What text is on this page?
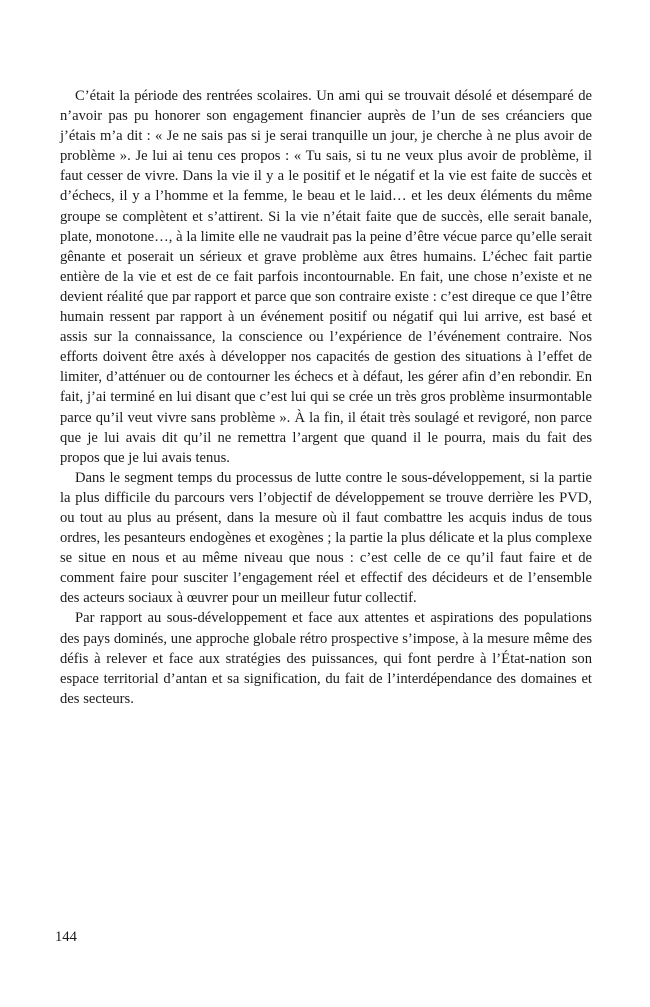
C’était la période des rentrées scolaires. Un ami qui se trouvait désolé et désemparé de n’avoir pas pu honorer son engagement financier auprès de l’un de ses créanciers que j’étais m’a dit : « Je ne sais pas si je serai tranquille un jour, je cherche à ne plus avoir de problème ». Je lui ai tenu ces propos : « Tu sais, si tu ne veux plus avoir de problème, il faut cesser de vivre. Dans la vie il y a le positif et le négatif et la vie est faite de succès et d’échecs, il y a l’homme et la femme, le beau et le laid… et les deux éléments du même groupe se complètent et s’attirent. Si la vie n’était faite que de succès, elle serait banale, plate, monotone…, à la limite elle ne vaudrait pas la peine d’être vécue parce qu’elle serait gênante et poserait un sérieux et grave problème aux êtres humains. L’échec fait partie entière de la vie et est de ce fait parfois incontournable. En fait, une chose n’existe et ne devient réalité que par rapport et parce que son contraire existe : c’est direque ce que l’être humain ressent par rapport à un événement positif ou négatif qui lui arrive, est basé et assis sur la connaissance, la conscience ou l’expérience de l’événement contraire. Nos efforts doivent être axés à développer nos capacités de gestion des situations à l’effet de limiter, d’atténuer ou de contourner les échecs et à défaut, les gérer afin d’en rebondir. En fait, j’ai terminé en lui disant que c’est lui qui se crée un très gros problème insurmontable parce qu’il veut vivre sans problème ». À la fin, il était très soulagé et revigoré, non parce que je lui avais dit qu’il ne remettra l’argent que quand il le pourra, mais du fait des propos que je lui avais tenus.

Dans le segment temps du processus de lutte contre le sous-développement, si la partie la plus difficile du parcours vers l’objectif de développement se trouve derrière les PVD, ou tout au plus au présent, dans la mesure où il faut combattre les acquis indus de tous ordres, les pesanteurs endogènes et exogènes ; la partie la plus délicate et la plus complexe se situe en nous et au même niveau que nous : c’est celle de ce qu’il faut faire et de comment faire pour susciter l’engagement réel et effectif des décideurs et de l’ensemble des acteurs sociaux à œuvrer pour un meilleur futur collectif.

Par rapport au sous-développement et face aux attentes et aspirations des populations des pays dominés, une approche globale rétro prospective s’impose, à la mesure même des défis à relever et face aux stratégies des puissances, qui font perdre à l’État-nation son espace territorial d’antan et sa signification, du fait de l’interdépendance des domaines et des secteurs.

144
